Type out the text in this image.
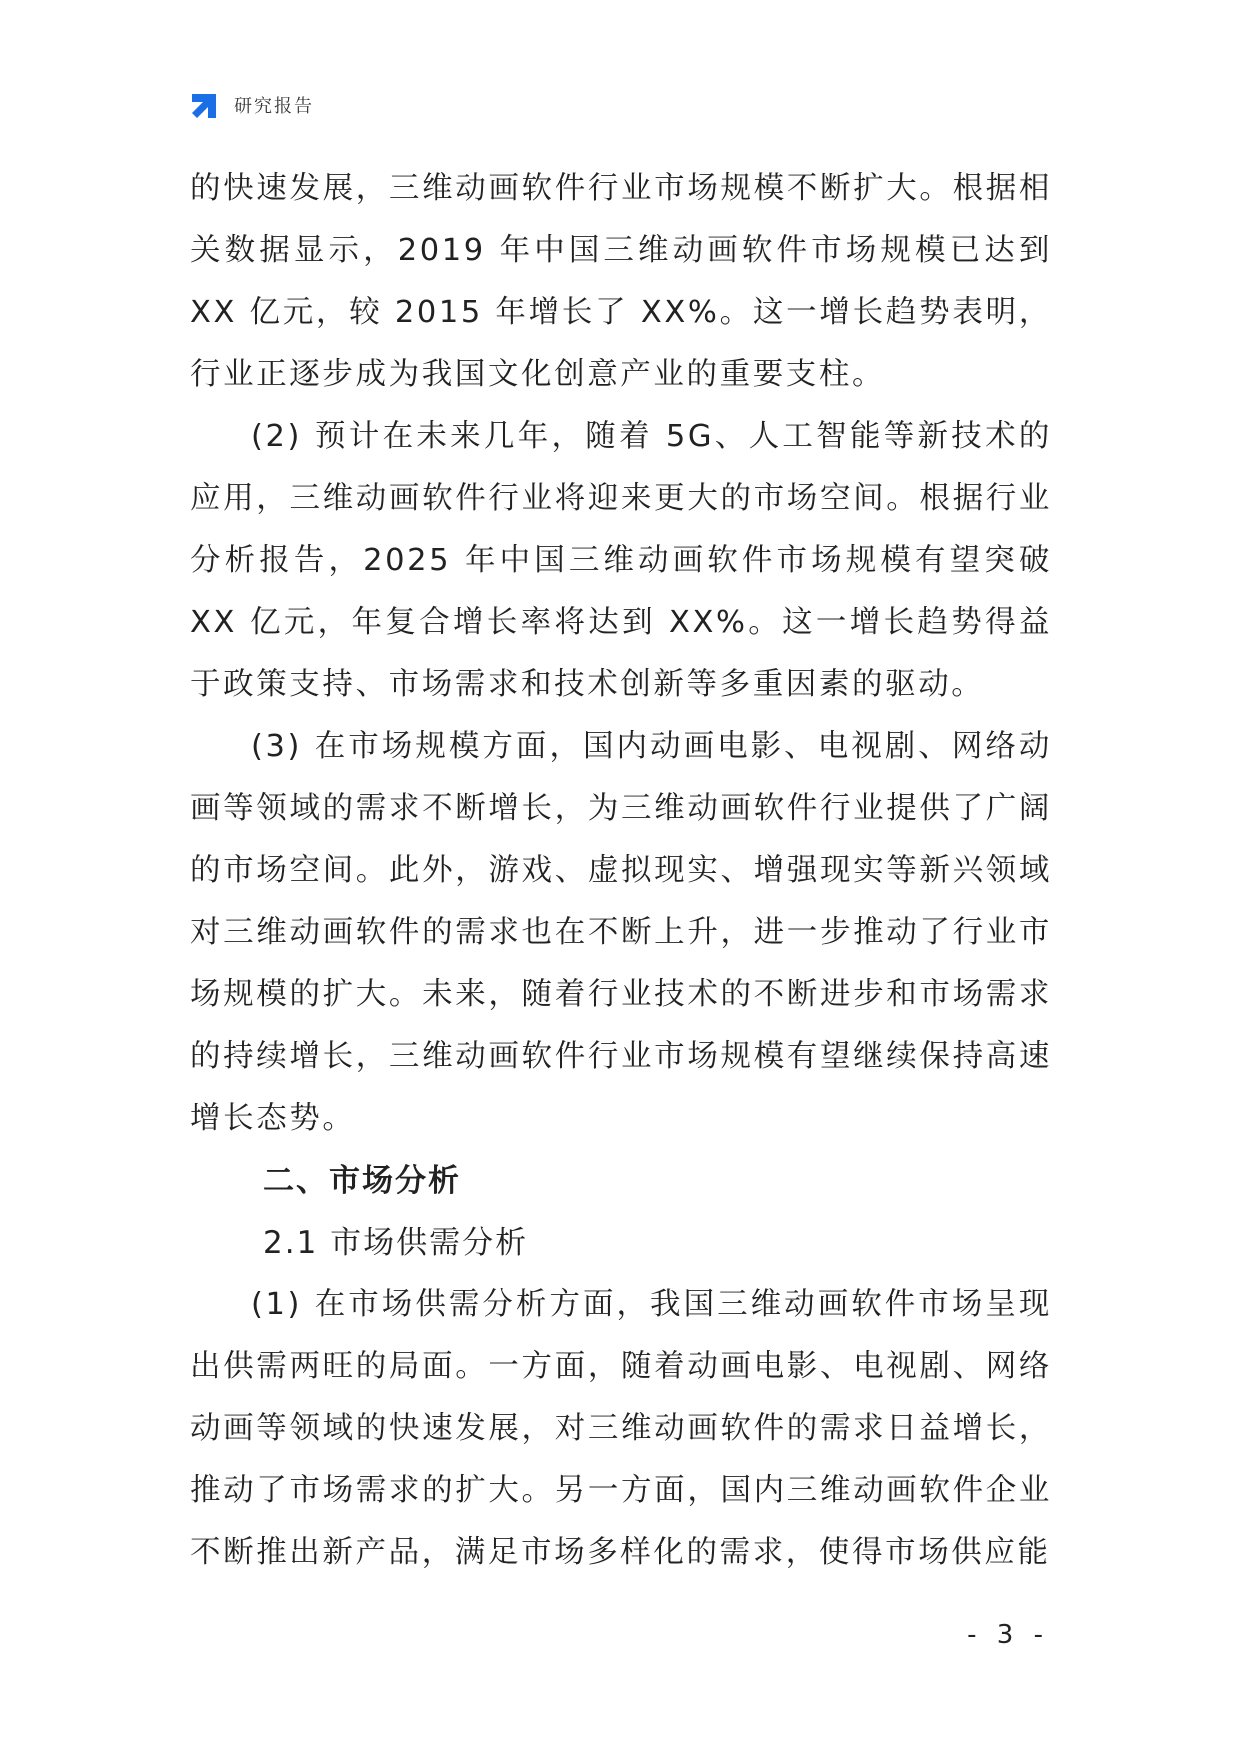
研究报告

的快速发展，三维动画软件行业市场规模不断扩大。根据相关数据显示，2019 年中国三维动画软件市场规模已达到 XX 亿元，较 2015 年增长了 XX%。这一增长趋势表明，行业正逐步成为我国文化创意产业的重要支柱。

(2) 预计在未来几年，随着 5G、人工智能等新技术的应用，三维动画软件行业将迎来更大的市场空间。根据行业分析报告，2025 年中国三维动画软件市场规模有望突破 XX 亿元，年复合增长率将达到 XX%。这一增长趋势得益于政策支持、市场需求和技术创新等多重因素的驱动。

(3) 在市场规模方面，国内动画电影、电视剧、网络动画等领域的需求不断增长，为三维动画软件行业提供了广阔的市场空间。此外，游戏、虚拟现实、增强现实等新兴领域对三维动画软件的需求也在不断上升，进一步推动了行业市场规模的扩大。未来，随着行业技术的不断进步和市场需求的持续增长，三维动画软件行业市场规模有望继续保持高速增长态势。

二、市场分析

2.1 市场供需分析

(1) 在市场供需分析方面，我国三维动画软件市场呈现出供需两旺的局面。一方面，随着动画电影、电视剧、网络动画等领域的快速发展，对三维动画软件的需求日益增长，推动了市场需求的扩大。另一方面，国内三维动画软件企业不断推出新产品，满足市场多样化的需求，使得市场供应能

- 3 -
